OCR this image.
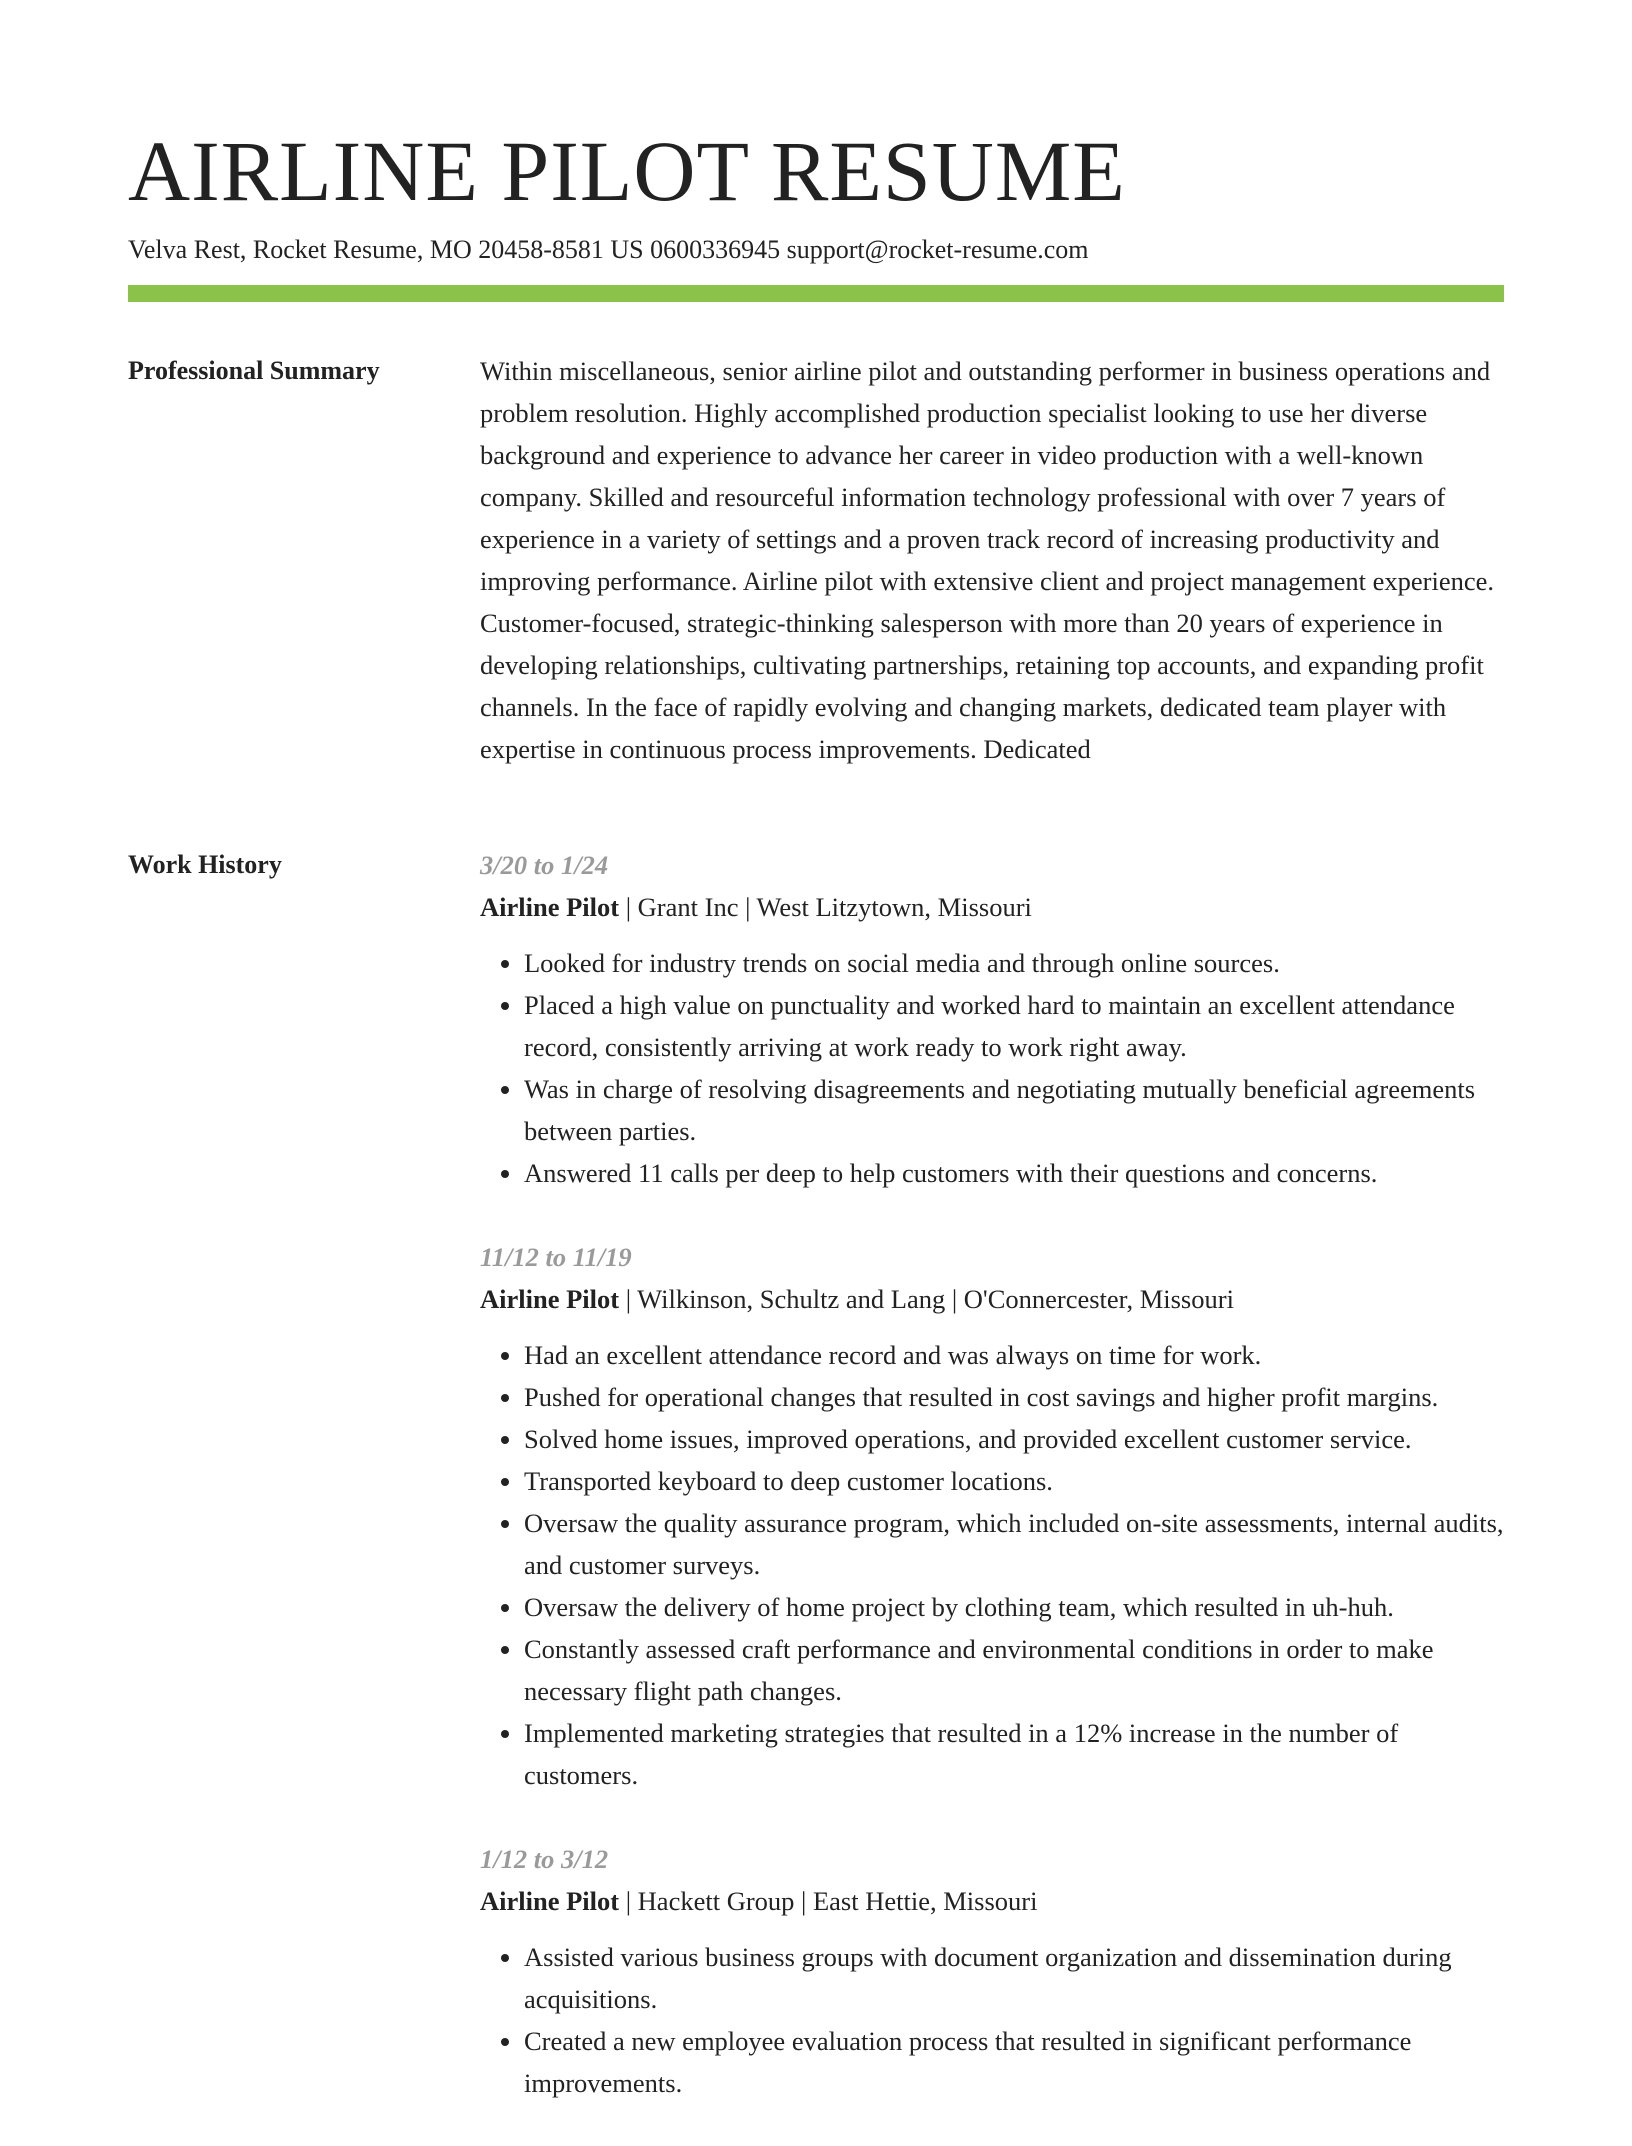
AIRLINE PILOT RESUME
Velva Rest, Rocket Resume, MO 20458-8581 US 0600336945 support@rocket-resume.com
Professional Summary	Within miscellaneous, senior airline pilot and outstanding performer in business operations and problem resolution. Highly accomplished production specialist looking to use her diverse background and experience to advance her career in video production with a well-known company. Skilled and resourceful information technology professional with over 7 years of experience in a variety of settings and a proven track record of increasing productivity and improving performance. Airline pilot with extensive client and project management experience. Customer-focused, strategic-thinking salesperson with more than 20 years of experience in developing relationships, cultivating partnerships, retaining top accounts, and expanding profit channels. In the face of rapidly evolving and changing markets, dedicated team player with expertise in continuous process improvements. Dedicated

Work History	3/20 to 1/24
Airline Pilot | Grant Inc | West Litzytown, Missouri
• Looked for industry trends on social media and through online sources.
• Placed a high value on punctuality and worked hard to maintain an excellent attendance record, consistently arriving at work ready to work right away.
• Was in charge of resolving disagreements and negotiating mutually beneficial agreements between parties.
• Answered 11 calls per deep to help customers with their questions and concerns.
11/12 to 11/19
Airline Pilot | Wilkinson, Schultz and Lang | O'Connercester, Missouri
• Had an excellent attendance record and was always on time for work.
• Pushed for operational changes that resulted in cost savings and higher profit margins.
• Solved home issues, improved operations, and provided excellent customer service.
• Transported keyboard to deep customer locations.
• Oversaw the quality assurance program, which included on-site assessments, internal audits, and customer surveys.
• Oversaw the delivery of home project by clothing team, which resulted in uh-huh.
• Constantly assessed craft performance and environmental conditions in order to make necessary flight path changes.
• Implemented marketing strategies that resulted in a 12% increase in the number of customers.
1/12 to 3/12
Airline Pilot | Hackett Group | East Hettie, Missouri
• Assisted various business groups with document organization and dissemination during acquisitions.
• Created a new employee evaluation process that resulted in significant performance improvements.
